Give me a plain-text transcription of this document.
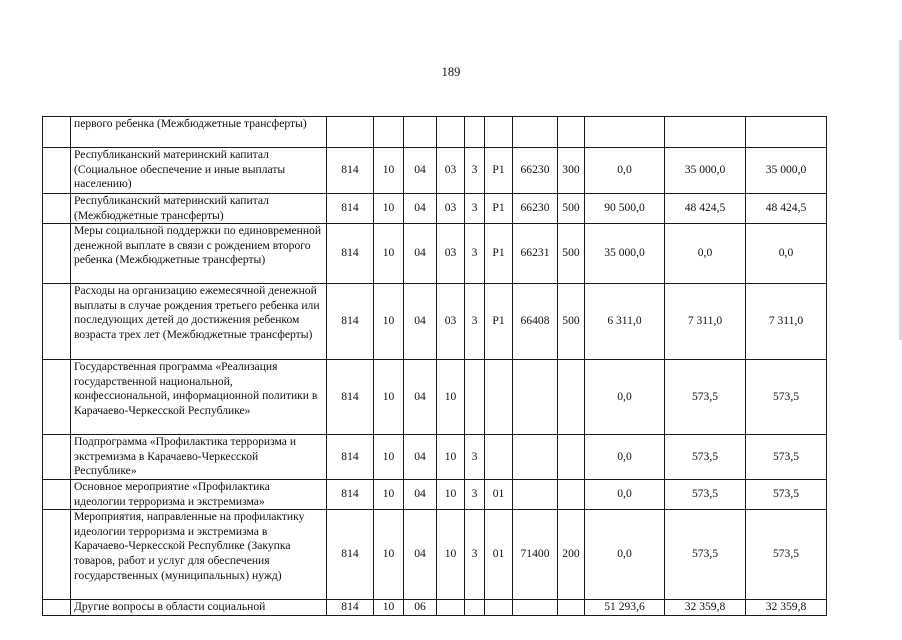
189
	первого ребенка (Межбюджетные трансферты)											
	Республиканский материнский капитал (Социальное обеспечение и иные выплаты населению)	814	10	04	03	3	P1	66230	300	0,0	35 000,0	35 000,0
	Республиканский материнский капитал (Межбюджетные трансферты)	814	10	04	03	3	P1	66230	500	90 500,0	48 424,5	48 424,5
	Меры социальной поддержки по единовременной денежной выплате в связи с рождением второго ребенка (Межбюджетные трансферты)	814	10	04	03	3	P1	66231	500	35 000,0	0,0	0,0
	Расходы на организацию ежемесячной денежной выплаты в случае рождения третьего ребенка или последующих детей до достижения ребенком возраста трех лет (Межбюджетные трансферты)	814	10	04	03	3	P1	66408	500	6 311,0	7 311,0	7 311,0
	Государственная программа «Реализация государственной национальной, конфессиональной, информационной политики в Карачаево-Черкесской Республике»	814	10	04	10					0,0	573,5	573,5
	Подпрограмма «Профилактика терроризма и экстремизма в Карачаево-Черкесской Республике»	814	10	04	10	3				0,0	573,5	573,5
	Основное мероприятие «Профилактика идеологии терроризма и экстремизма»	814	10	04	10	3	01			0,0	573,5	573,5
	Мероприятия, направленные на профилактику идеологии терроризма и экстремизма в Карачаево-Черкесской Республике (Закупка товаров, работ и услуг для обеспечения государственных (муниципальных) нужд)	814	10	04	10	3	01	71400	200	0,0	573,5	573,5
	Другие вопросы в области социальной	814	10	06						51 293,6	32 359,8	32 359,8
